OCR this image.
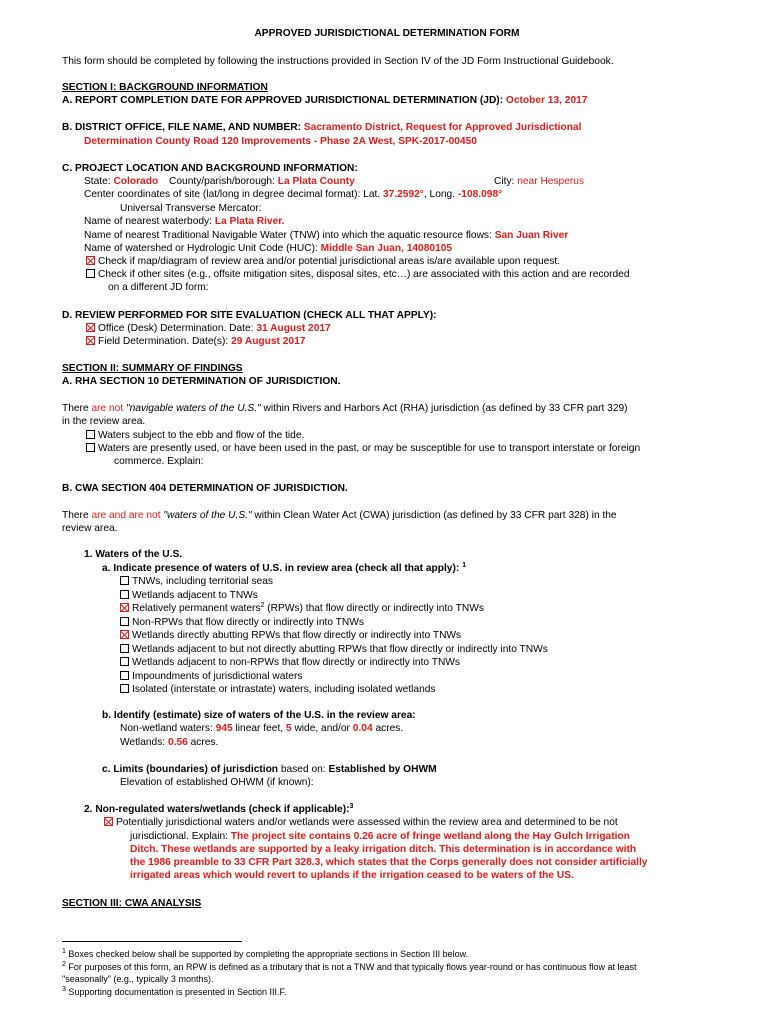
APPROVED JURISDICTIONAL DETERMINATION FORM
This form should be completed by following the instructions provided in Section IV of the JD Form Instructional Guidebook.
SECTION I: BACKGROUND INFORMATION
A. REPORT COMPLETION DATE FOR APPROVED JURISDICTIONAL DETERMINATION (JD): October 13, 2017
B. DISTRICT OFFICE, FILE NAME, AND NUMBER: Sacramento District, Request for Approved Jurisdictional
Determination County Road 120 Improvements - Phase 2A West, SPK-2017-00450
C. PROJECT LOCATION AND BACKGROUND INFORMATION:
State: Colorado County/parish/borough: La Plata County	City: near Hesperus
Center coordinates of site (lat/long in degree decimal format): Lat. 37.2592°, Long. -108.098°
Universal Transverse Mercator:
Name of nearest waterbody: La Plata River.
Name of nearest Traditional Navigable Water (TNW) into which the aquatic resource flows: San Juan River
Name of watershed or Hydrologic Unit Code (HUC): Middle San Juan, 14080105
Check if map/diagram of review area and/or potential jurisdictional areas is/are available upon request.
Check if other sites (e.g., offsite mitigation sites, disposal sites, etc…) are associated with this action and are recorded
on a different JD form:
D. REVIEW PERFORMED FOR SITE EVALUATION (CHECK ALL THAT APPLY):
Office (Desk) Determination. Date: 31 August 2017
Field Determination. Date(s): 29 August 2017
SECTION II: SUMMARY OF FINDINGS
A. RHA SECTION 10 DETERMINATION OF JURISDICTION.
There are not "navigable waters of the U.S." within Rivers and Harbors Act (RHA) jurisdiction (as defined by 33 CFR part 329)
in the review area.
Waters subject to the ebb and flow of the tide.
Waters are presently used, or have been used in the past, or may be susceptible for use to transport interstate or foreign
commerce. Explain:
B. CWA SECTION 404 DETERMINATION OF JURISDICTION.
There are and are not "waters of the U.S." within Clean Water Act (CWA) jurisdiction (as defined by 33 CFR part 328) in the
review area.
1. Waters of the U.S.
a. Indicate presence of waters of U.S. in review area (check all that apply): $^1$
TNWs, including territorial seas
Wetlands adjacent to TNWs
Relatively permanent waters$^2$ (RPWs) that flow directly or indirectly into TNWs
Non-RPWs that flow directly or indirectly into TNWs
Wetlands directly abutting RPWs that flow directly or indirectly into TNWs
Wetlands adjacent to but not directly abutting RPWs that flow directly or indirectly into TNWs
Wetlands adjacent to non-RPWs that flow directly or indirectly into TNWs
Impoundments of jurisdictional waters
Isolated (interstate or intrastate) waters, including isolated wetlands
b. Identify (estimate) size of waters of the U.S. in the review area:
Non-wetland waters: 945 linear feet, 5 wide, and/or 0.04 acres.
Wetlands: 0.56 acres.
c. Limits (boundaries) of jurisdiction based on: Established by OHWM
Elevation of established OHWM (if known):
2. Non-regulated waters/wetlands (check if applicable):$^3$
Potentially jurisdictional waters and/or wetlands were assessed within the review area and determined to be not
jurisdictional. Explain: The project site contains 0.26 acre of fringe wetland along the Hay Gulch Irrigation
Ditch. These wetlands are supported by a leaky irrigation ditch. This determination is in accordance with
the 1986 preamble to 33 CFR Part 328.3, which states that the Corps generally does not consider artificially
irrigated areas which would revert to uplands if the irrigation ceased to be waters of the US.
SECTION III: CWA ANALYSIS
$^1$ Boxes checked below shall be supported by completing the appropriate sections in Section III below.
$^2$ For purposes of this form, an RPW is defined as a tributary that is not a TNW and that typically flows year-round or has continuous flow at least
"seasonally" (e.g., typically 3 months).
$^3$ Supporting documentation is presented in Section III.F.
